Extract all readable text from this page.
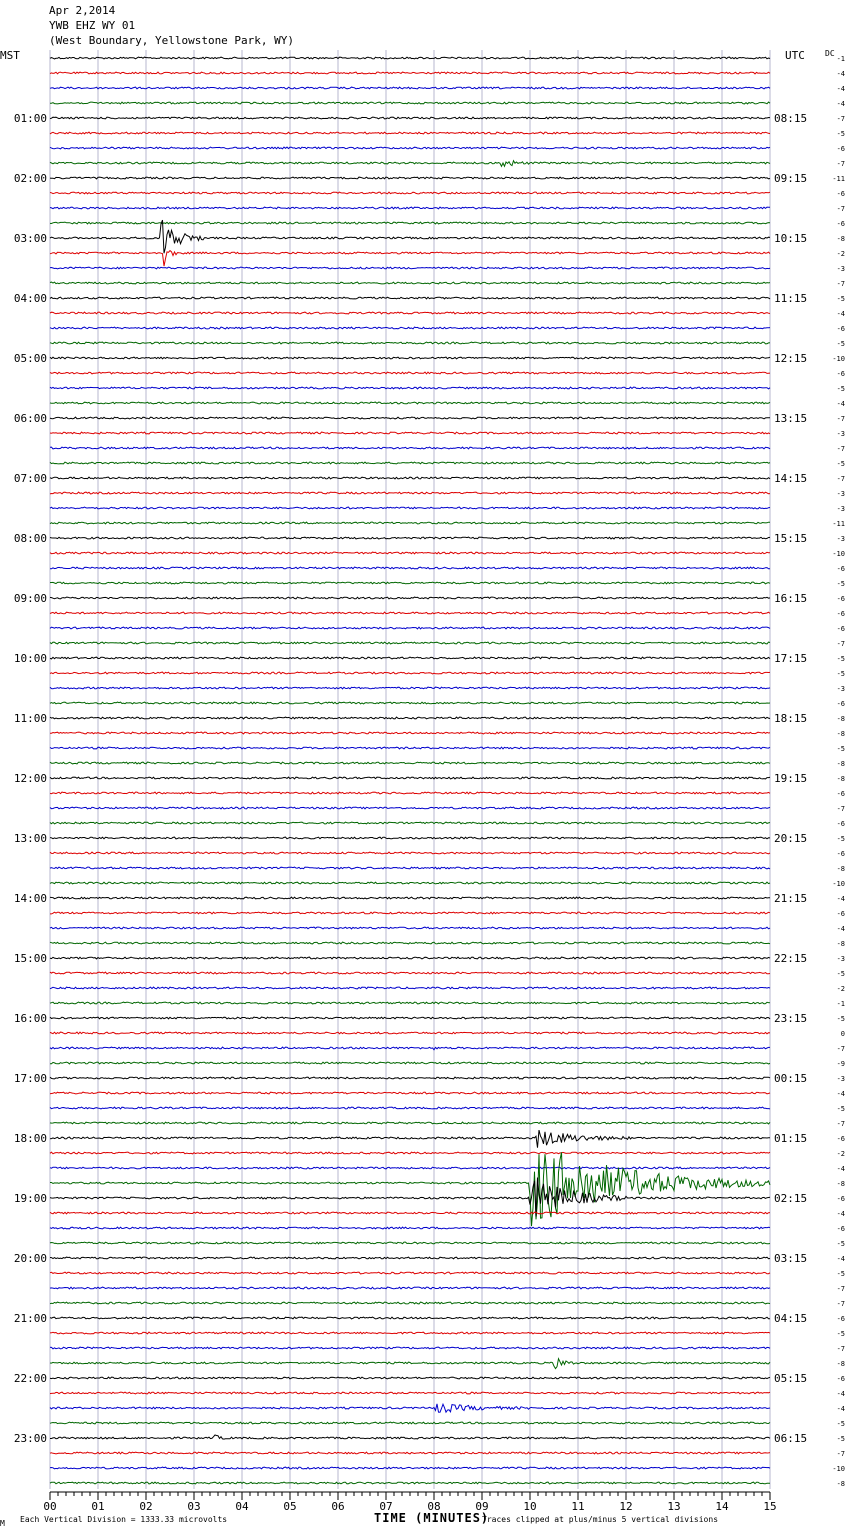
Apr 2,2014
YWB EHZ WY 01
(West Boundary, Yellowstone Park, WY)
MST	UTC	DC
-1
-4
-4
-4
-7
-5
-6
-7
-11
-6
-7
-6
-8
-2
-3
-7
-5
-4
-6
-5
-10
-6
-5
-4
-7
-3
-7
-5
-7
-3
-3
-11
-3
-10
-6
-5
-6
-6
-6
-7
-5
-5
-3
-6
-8
-8
-5
-8
-8
-6
-7
-6
-5
-6
-8
-10
-4
-6
-4
-8
-3
-5
-2
-1
-5
0
-7
-9
-3
-4
-5
-7
-6
-2
-4
-8
-6
-4
-6
-5
-4
-5
-7
-7
-6
-5
-7
-8
-6
-4
-4
-5
-5
-7
-10
-8
01:00	08:15
02:00	09:15
03:00	10:15
04:00	11:15
05:00	12:15
06:00	13:15
07:00	14:15
08:00	15:15
09:00	16:15
10:00	17:15
11:00	18:15
12:00	19:15
13:00	20:15
14:00	21:15
15:00	22:15
16:00	23:15
17:00	00:15
18:00	01:15
19:00	02:15
20:00	03:15
21:00	04:15
22:00	05:15
23:00	06:15
00	01	02	03	04	05	06	07	08	09	10	11	12	13	14	15
M Each Vertical Division = 1333.33 microvolts	TIME (MINUTES)
Traces clipped at plus/minus 5 vertical divisions
